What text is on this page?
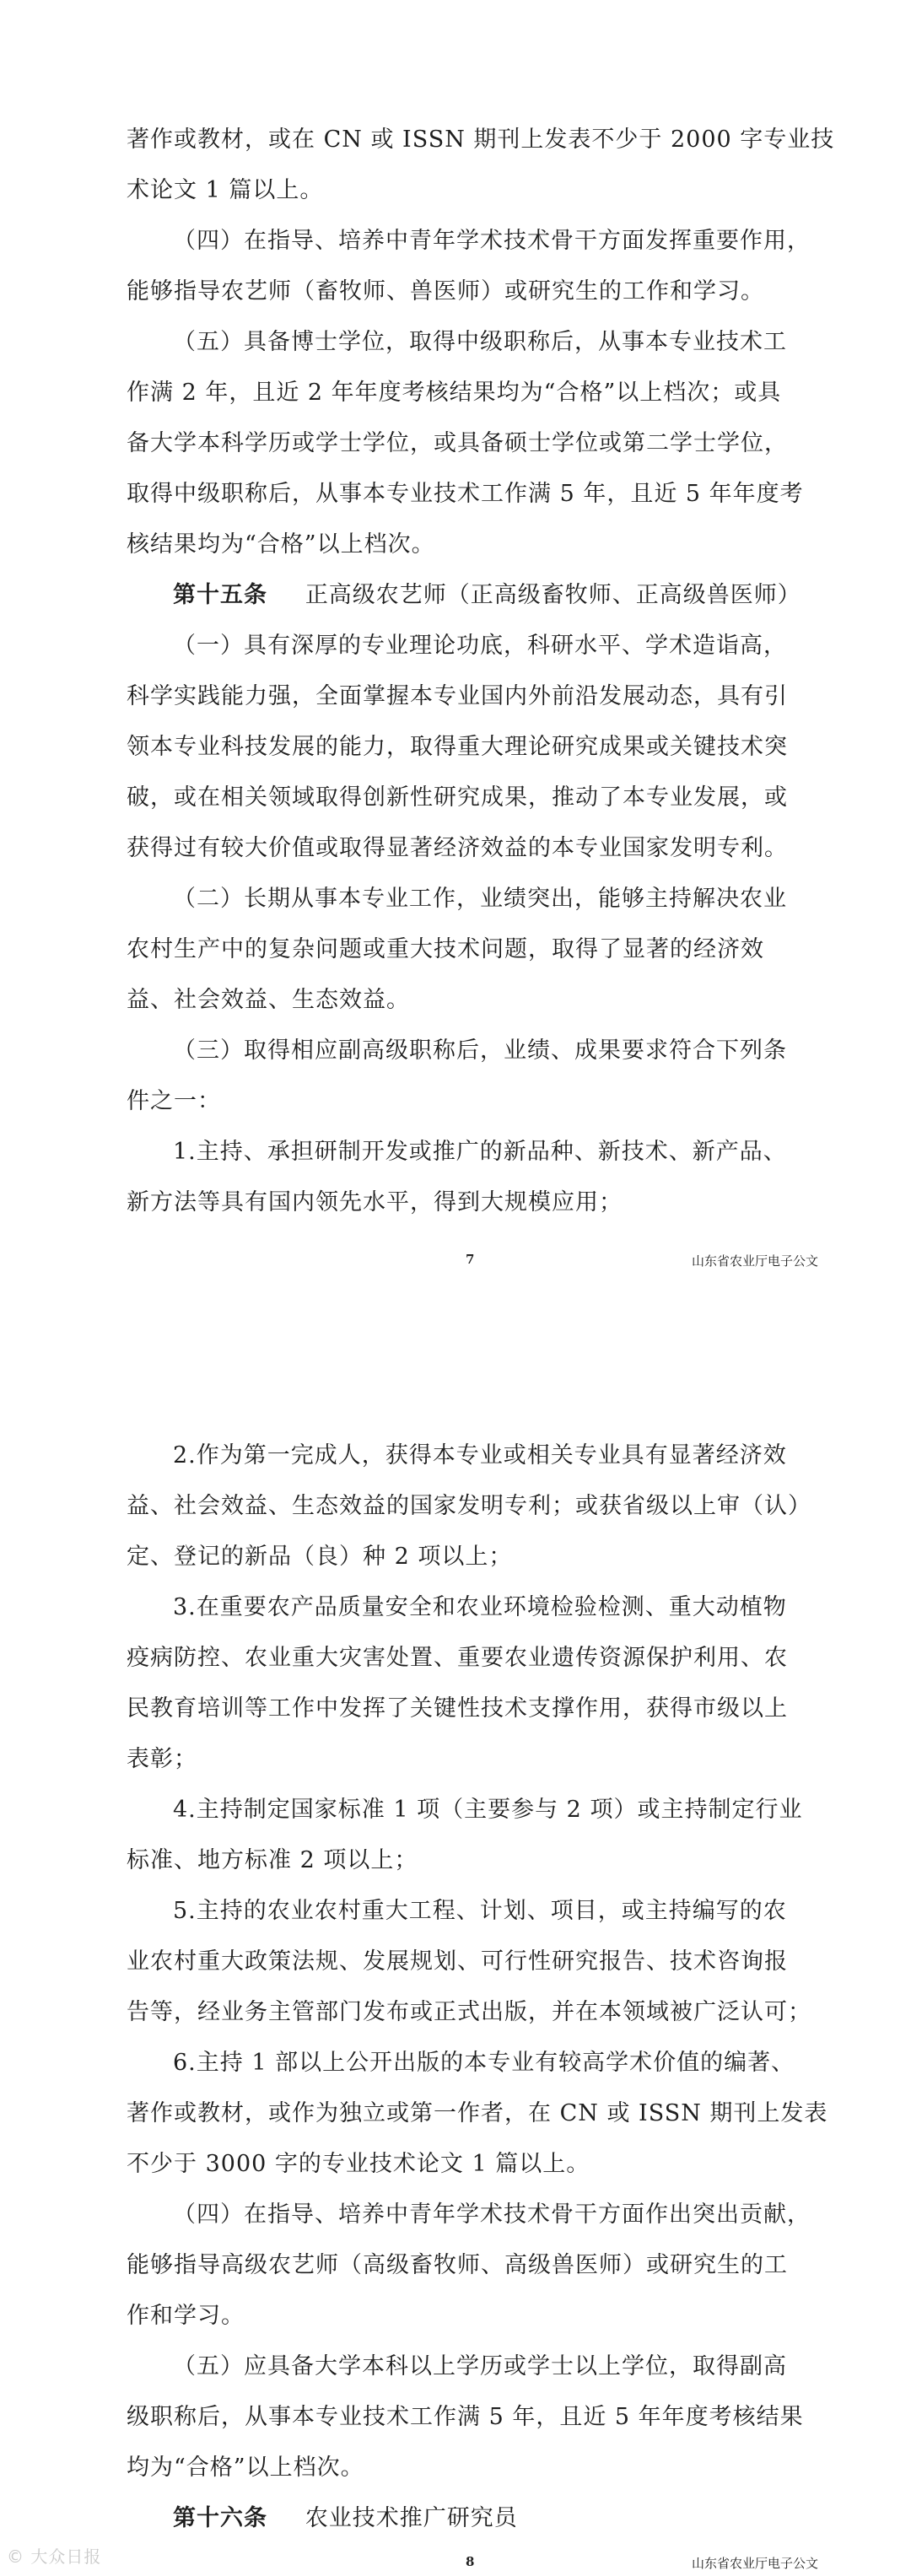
著作或教材，或在 CN 或 ISSN 期刊上发表不少于 2000 字专业技
术论文 1 篇以上。
（四）在指导、培养中青年学术技术骨干方面发挥重要作用，
能够指导农艺师（畜牧师、兽医师）或研究生的工作和学习。
（五）具备博士学位，取得中级职称后，从事本专业技术工
作满 2 年，且近 2 年年度考核结果均为“合格”以上档次；或具
备大学本科学历或学士学位，或具备硕士学位或第二学士学位，
取得中级职称后，从事本专业技术工作满 5 年，且近 5 年年度考
核结果均为“合格”以上档次。
第十五条 正高级农艺师（正高级畜牧师、正高级兽医师）
（一）具有深厚的专业理论功底，科研水平、学术造诣高，
科学实践能力强，全面掌握本专业国内外前沿发展动态，具有引
领本专业科技发展的能力，取得重大理论研究成果或关键技术突
破，或在相关领域取得创新性研究成果，推动了本专业发展，或
获得过有较大价值或取得显著经济效益的本专业国家发明专利。
（二）长期从事本专业工作，业绩突出，能够主持解决农业
农村生产中的复杂问题或重大技术问题，取得了显著的经济效
益、社会效益、生态效益。
（三）取得相应副高级职称后，业绩、成果要求符合下列条
件之一：
1.主持、承担研制开发或推广的新品种、新技术、新产品、
新方法等具有国内领先水平，得到大规模应用；
7	山东省农业厅电子公文
2.作为第一完成人，获得本专业或相关专业具有显著经济效
益、社会效益、生态效益的国家发明专利；或获省级以上审（认）
定、登记的新品（良）种 2 项以上；
3.在重要农产品质量安全和农业环境检验检测、重大动植物
疫病防控、农业重大灾害处置、重要农业遗传资源保护利用、农
民教育培训等工作中发挥了关键性技术支撑作用，获得市级以上
表彰；
4.主持制定国家标准 1 项（主要参与 2 项）或主持制定行业
标准、地方标准 2 项以上；
5.主持的农业农村重大工程、计划、项目，或主持编写的农
业农村重大政策法规、发展规划、可行性研究报告、技术咨询报
告等，经业务主管部门发布或正式出版，并在本领域被广泛认可；
6.主持 1 部以上公开出版的本专业有较高学术价值的编著、
著作或教材，或作为独立或第一作者，在 CN 或 ISSN 期刊上发表
不少于 3000 字的专业技术论文 1 篇以上。
（四）在指导、培养中青年学术技术骨干方面作出突出贡献，
能够指导高级农艺师（高级畜牧师、高级兽医师）或研究生的工
作和学习。
（五）应具备大学本科以上学历或学士以上学位，取得副高
级职称后，从事本专业技术工作满 5 年，且近 5 年年度考核结果
均为“合格”以上档次。
第十六条 农业技术推广研究员
8	山东省农业厅电子公文
© 大众日报
